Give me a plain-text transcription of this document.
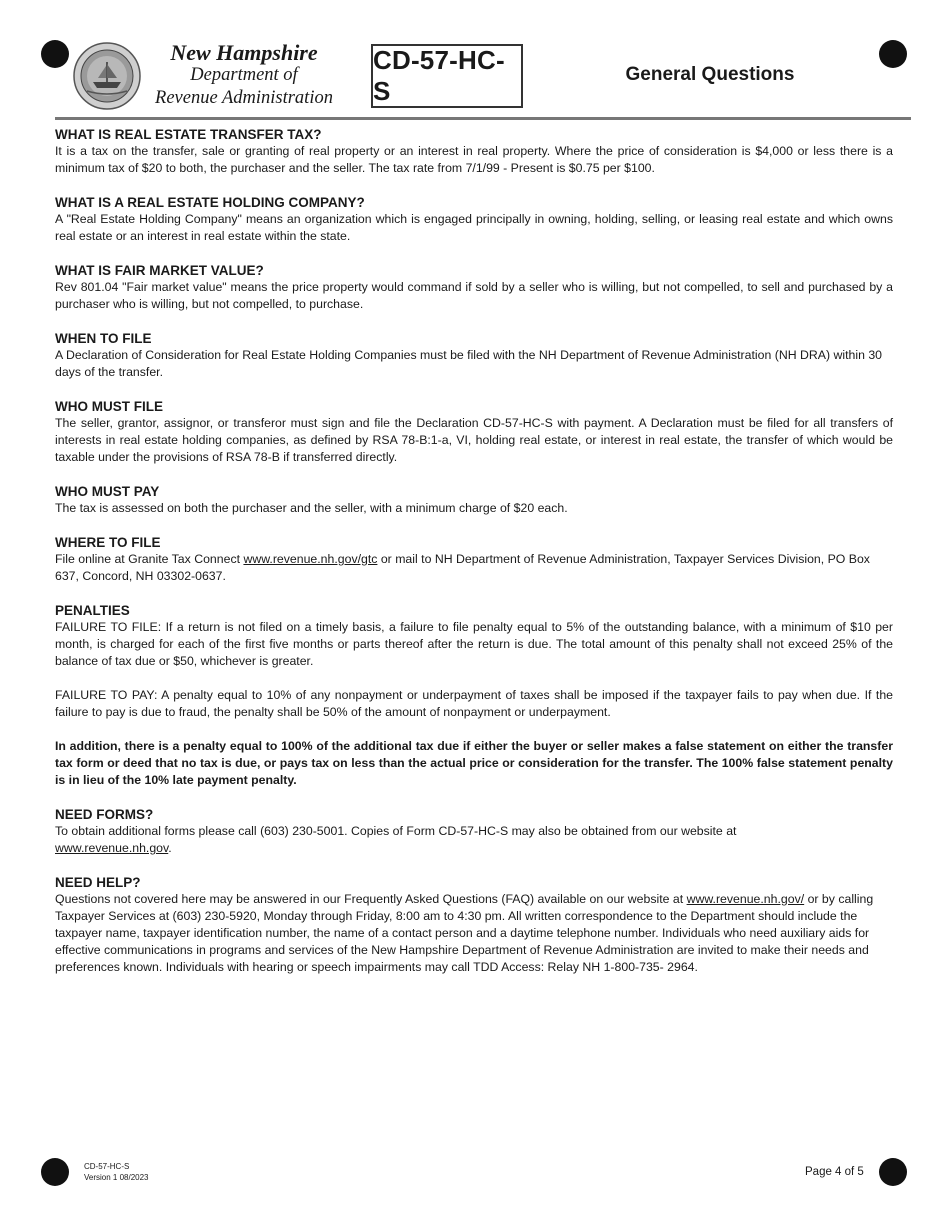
New Hampshire
Department of
Revenue Administration
CD-57-HC-S
General Questions
WHAT IS REAL ESTATE TRANSFER TAX?

It is a tax on the transfer, sale or granting of real property or an interest in real property. Where the price of consideration is $4,000 or less there is a minimum tax of $20 to both, the purchaser and the seller. The tax rate from 7/1/99 - Present is $0.75 per $100.

WHAT IS A REAL ESTATE HOLDING COMPANY?

A "Real Estate Holding Company" means an organization which is engaged principally in owning, holding, selling, or leasing real estate and which owns real estate or an interest in real estate within the state.

WHAT IS FAIR MARKET VALUE?

Rev 801.04 "Fair market value" means the price property would command if sold by a seller who is willing, but not compelled, to sell and purchased by a purchaser who is willing, but not compelled, to purchase.

WHEN TO FILE

A Declaration of Consideration for Real Estate Holding Companies must be filed with the NH Department of Revenue Administration (NH DRA) within 30 days of the transfer.

WHO MUST FILE

The seller, grantor, assignor, or transferor must sign and file the Declaration CD-57-HC-S with payment. A Declaration must be filed for all transfers of interests in real estate holding companies, as defined by RSA 78-B:1-a, VI, holding real estate, or interest in real estate, the transfer of which would be taxable under the provisions of RSA 78-B if transferred directly.

WHO MUST PAY

The tax is assessed on both the purchaser and the seller, with a minimum charge of $20 each.

WHERE TO FILE

File online at Granite Tax Connect www.revenue.nh.gov/gtc or mail to NH Department of Revenue Administration, Taxpayer Services Division, PO Box 637, Concord, NH 03302-0637.

PENALTIES

FAILURE TO FILE: If a return is not filed on a timely basis, a failure to file penalty equal to 5% of the outstanding balance, with a minimum of $10 per month, is charged for each of the first five months or parts thereof after the return is due. The total amount of this penalty shall not exceed 25% of the balance of tax due or $50, whichever is greater.

FAILURE TO PAY: A penalty equal to 10% of any nonpayment or underpayment of taxes shall be imposed if the taxpayer fails to pay when due. If the failure to pay is due to fraud, the penalty shall be 50% of the amount of nonpayment or underpayment.

In addition, there is a penalty equal to 100% of the additional tax due if either the buyer or seller makes a false statement on either the transfer tax form or deed that no tax is due, or pays tax on less than the actual price or consideration for the transfer. The 100% false statement penalty is in lieu of the 10% late payment penalty.

NEED FORMS?

To obtain additional forms please call (603) 230-5001. Copies of Form CD-57-HC-S may also be obtained from our website at
www.revenue.nh.gov.

NEED HELP?

Questions not covered here may be answered in our Frequently Asked Questions (FAQ) available on our website at www.revenue.nh.gov/ or by calling Taxpayer Services at (603) 230-5920, Monday through Friday, 8:00 am to 4:30 pm. All written correspondence to the Department should include the taxpayer name, taxpayer identification number, the name of a contact person and a daytime telephone number. Individuals who need auxiliary aids for effective communications in programs and services of the New Hampshire Department of Revenue Administration are invited to make their needs and preferences known. Individuals with hearing or speech impairments may call TDD Access: Relay NH 1-800-735- 2964.

CD-57-HC-S
Version 1 08/2023	Page 4 of 5
